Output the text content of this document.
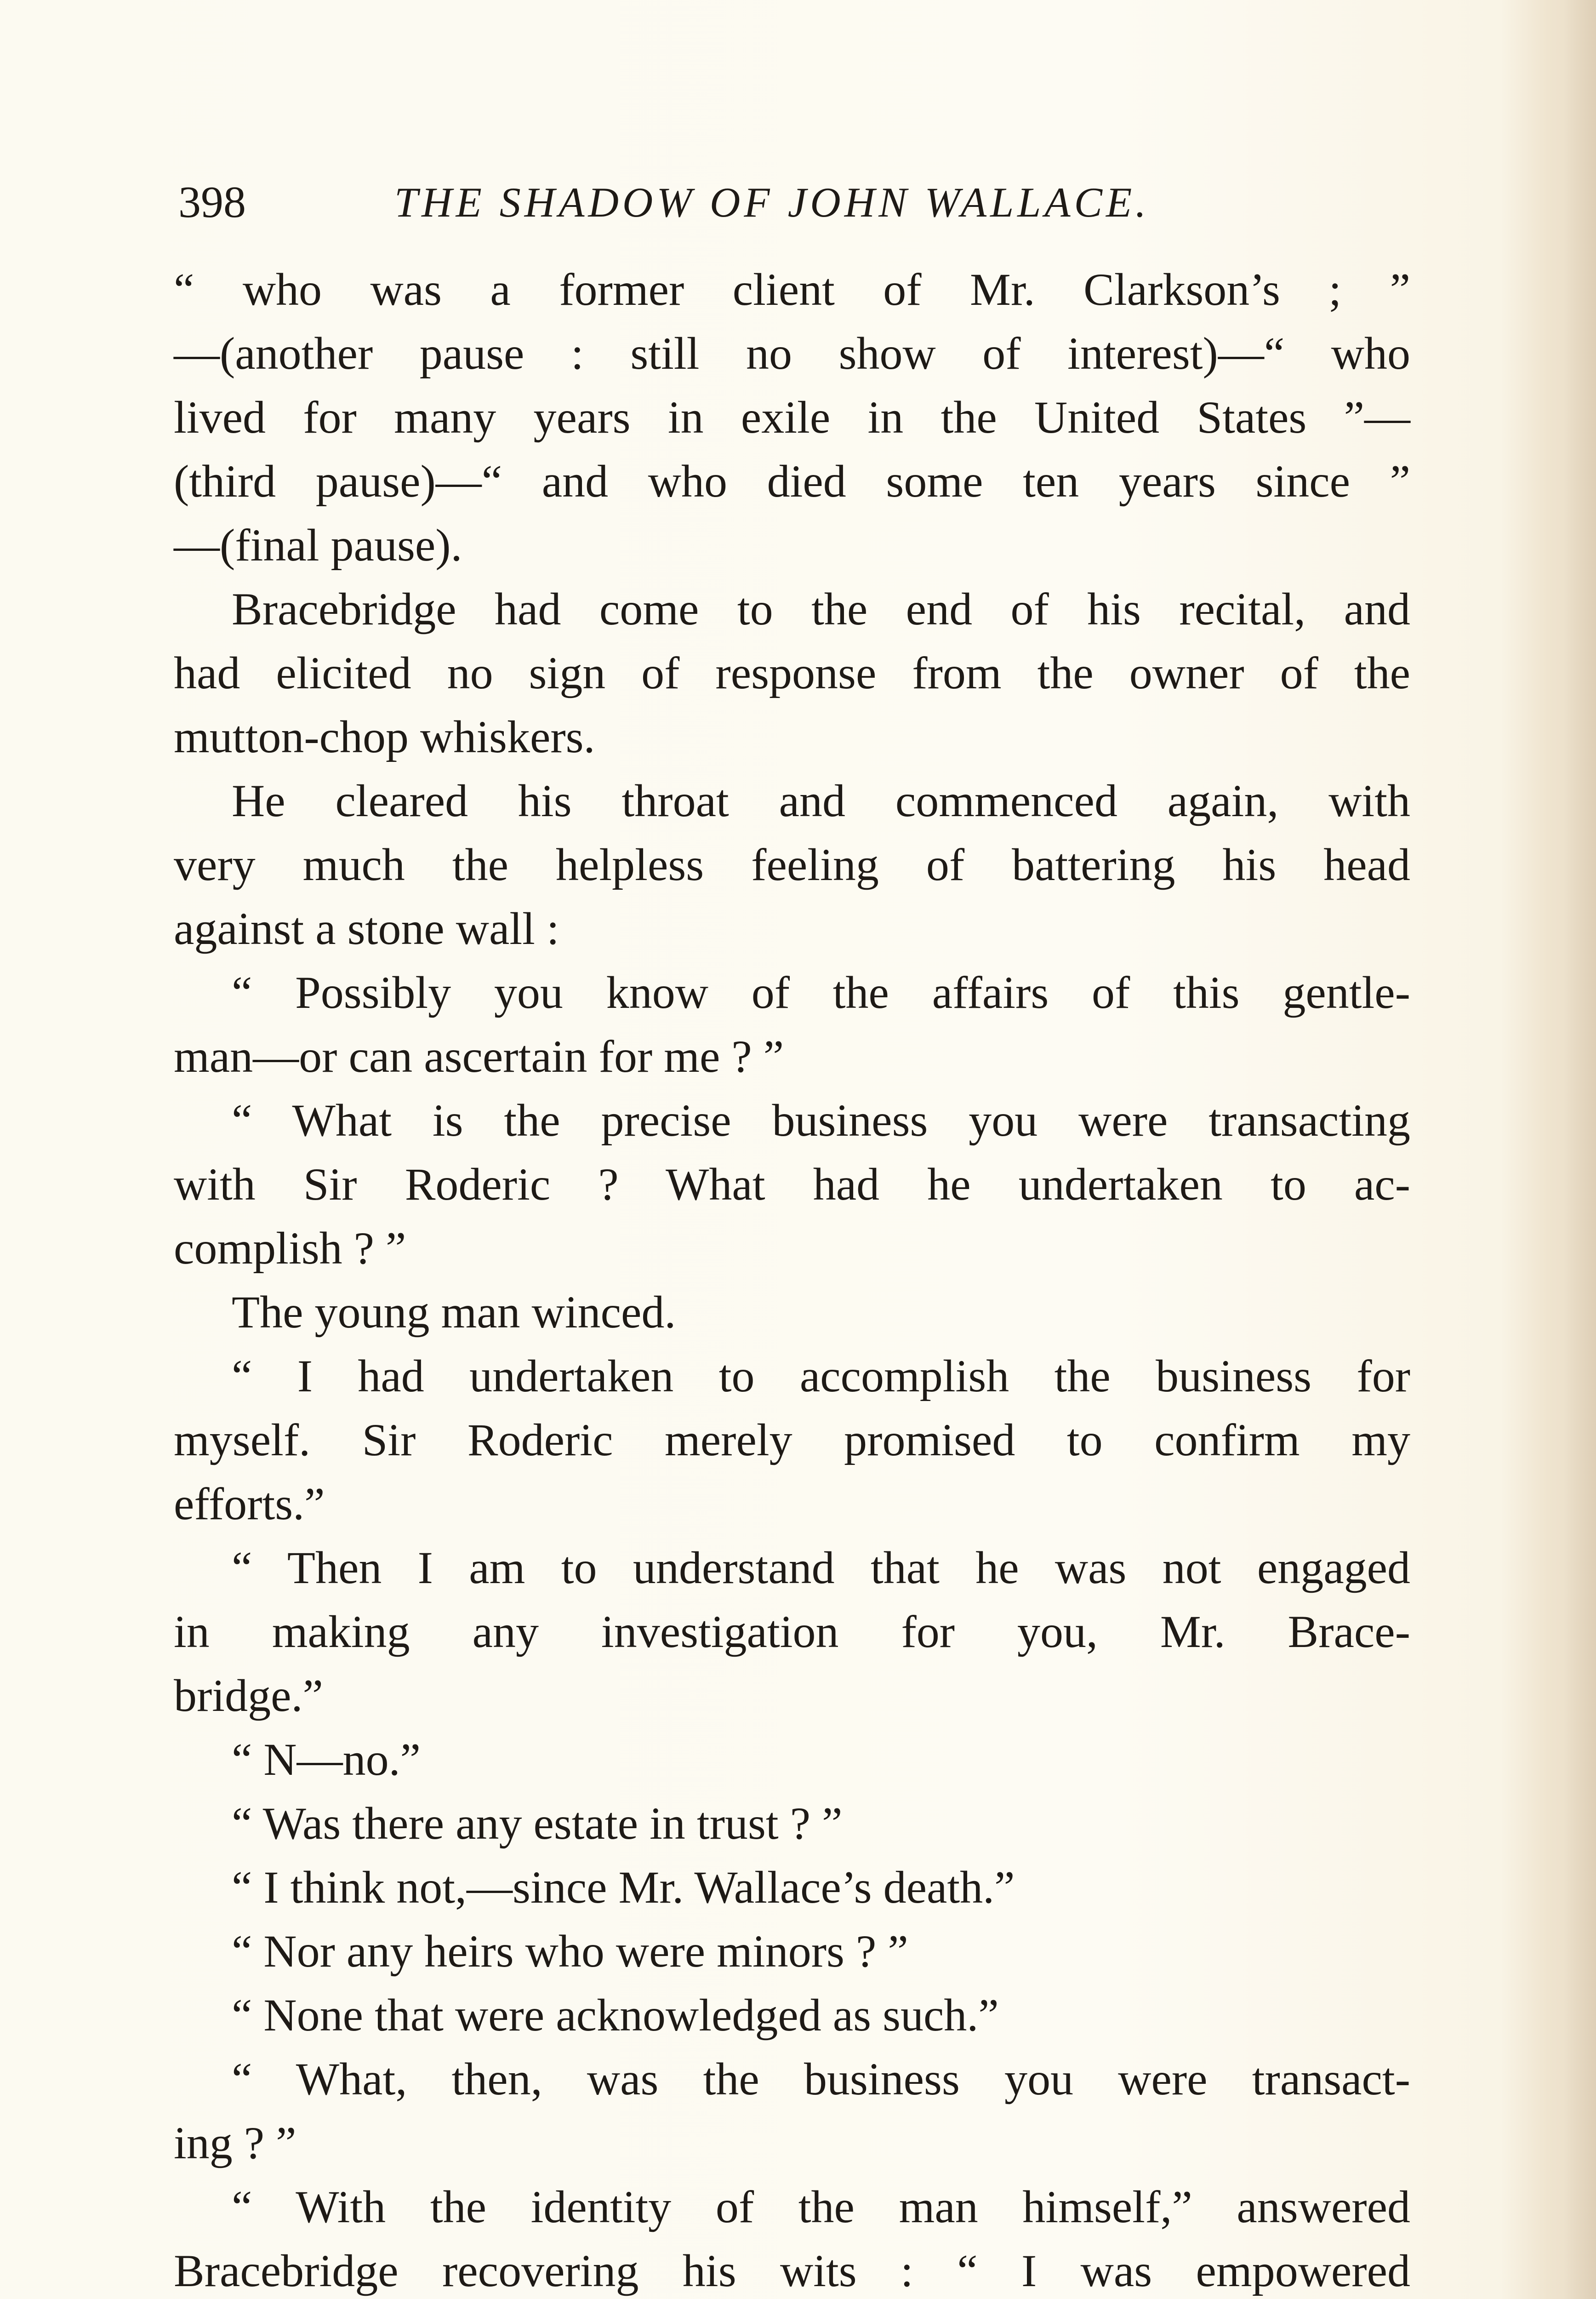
398	THE SHADOW OF JOHN WALLACE.
“ who was a former client of Mr. Clarkson’s ; ”
—(another pause : still no show of interest)—“ who
lived for many years in exile in the United States ”—
(third pause)—“ and who died some ten years since ”
—(final pause).
Bracebridge had come to the end of his recital, and
had elicited no sign of response from the owner of the
mutton-chop whiskers.
He cleared his throat and commenced again, with
very much the helpless feeling of battering his head
against a stone wall :
“ Possibly you know of the affairs of this gentle-
man—or can ascertain for me ? ”
“ What is the precise business you were transacting
with Sir Roderic ? What had he undertaken to ac-
complish ? ”
The young man winced.
“ I had undertaken to accomplish the business for
myself. Sir Roderic merely promised to confirm my
efforts.”
“ Then I am to understand that he was not engaged
in making any investigation for you, Mr. Brace-
bridge.”
“ N—no.”
“ Was there any estate in trust ? ”
“ I think not,—since Mr. Wallace’s death.”
“ Nor any heirs who were minors ? ”
“ None that were acknowledged as such.”
“ What, then, was the business you were transact-
ing ? ”
“ With the identity of the man himself,” answered
Bracebridge recovering his wits : “ I was empowered
